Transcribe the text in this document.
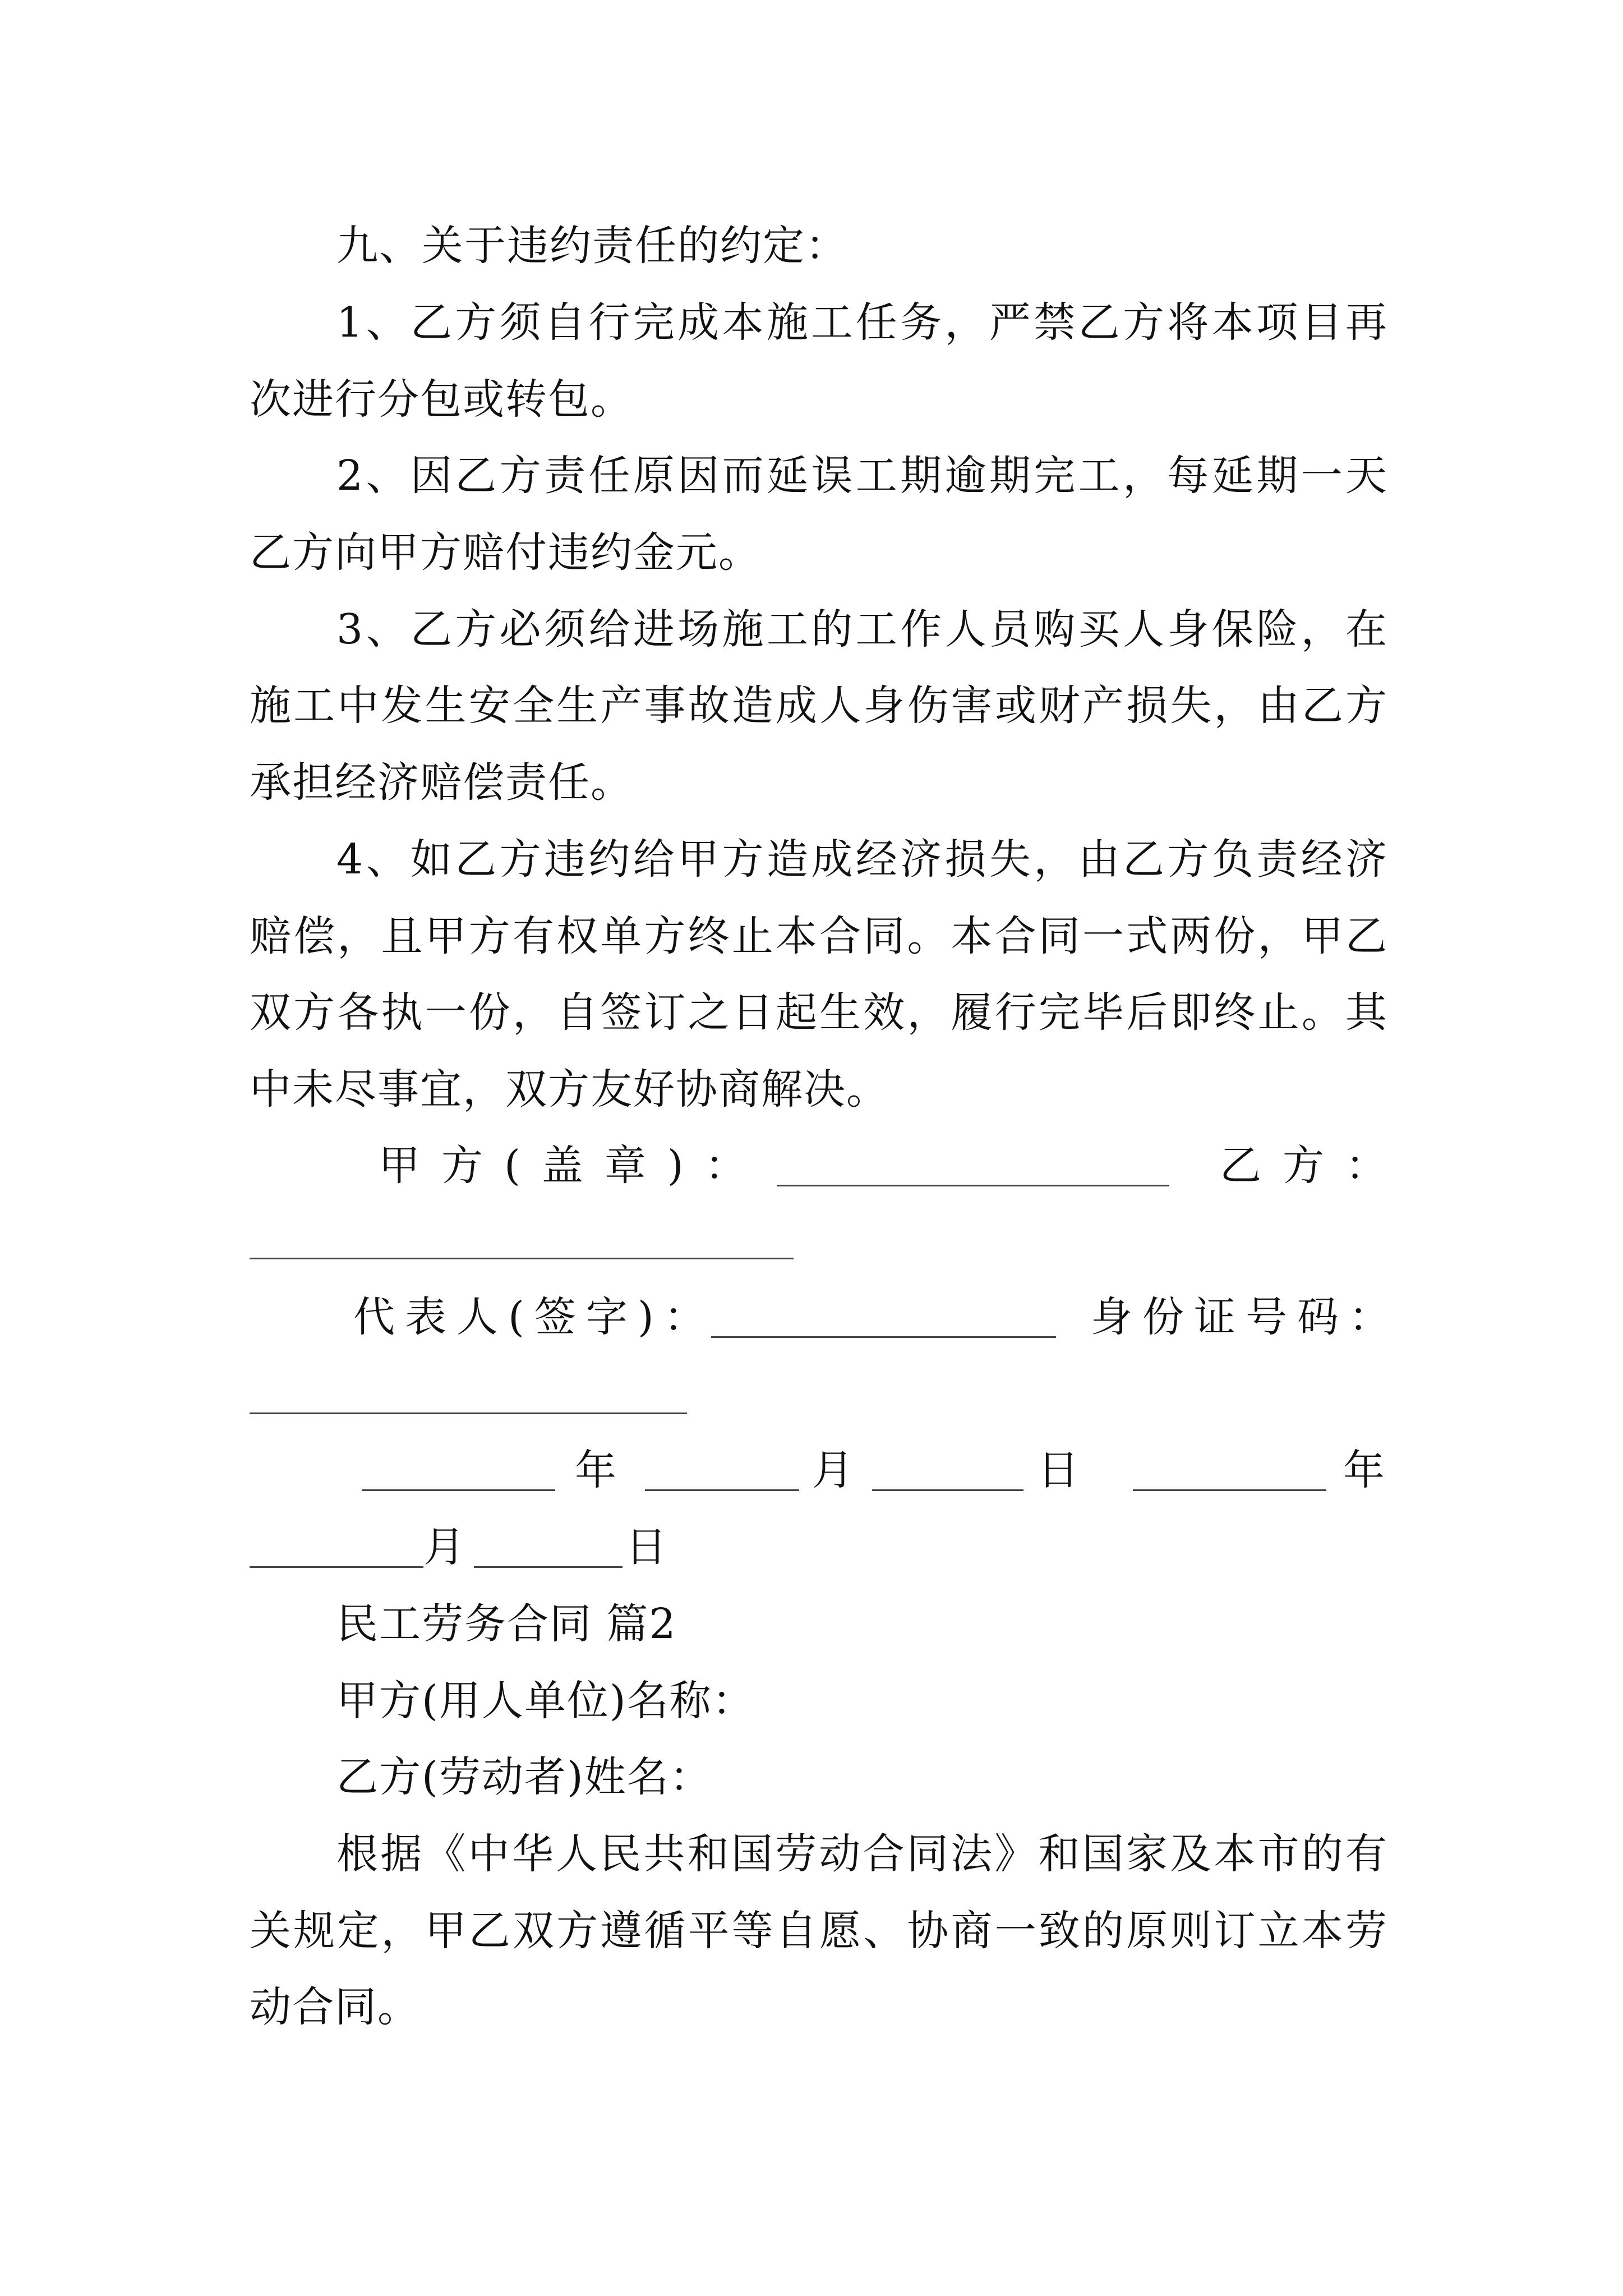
九、关于违约责任的约定：
1、乙方须自行完成本施工任务，严禁乙方将本项目再
次进行分包或转包。
2、因乙方责任原因而延误工期逾期完工，每延期一天
乙方向甲方赔付违约金元。
3、乙方必须给进场施工的工作人员购买人身保险，在
施工中发生安全生产事故造成人身伤害或财产损失，由乙方
承担经济赔偿责任。
4、如乙方违约给甲方造成经济损失，由乙方负责经济
赔偿，且甲方有权单方终止本合同。本合同一式两份，甲乙
双方各执一份，自签订之日起生效，履行完毕后即终止。其
中未尽事宜，双方友好协商解决。
甲方(盖章)：	乙方：
代表人(签字)：	身份证号码：
年	月	日	年
月	日
民工劳务合同 篇2
甲方(用人单位)名称：
乙方(劳动者)姓名：
根据《中华人民共和国劳动合同法》和国家及本市的有
关规定，甲乙双方遵循平等自愿、协商一致的原则订立本劳
动合同。
